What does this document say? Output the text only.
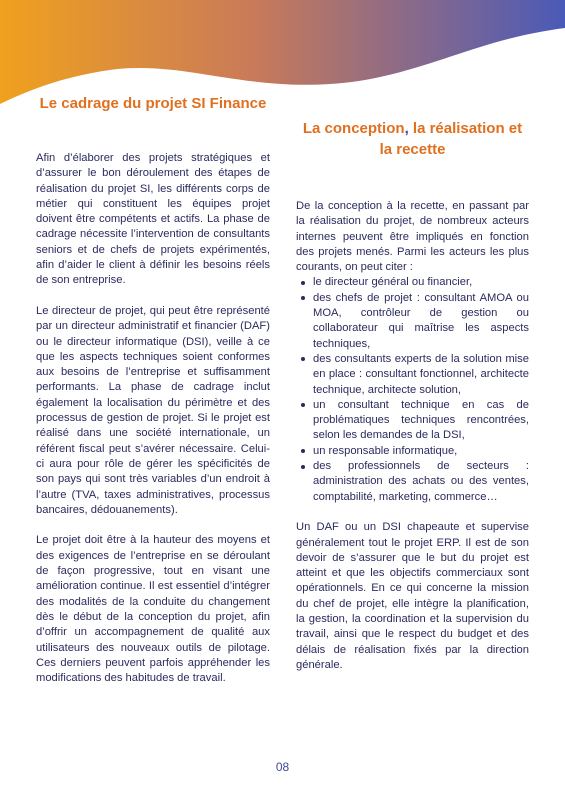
Le cadrage du projet SI Finance

Afin d’élaborer des projets stratégiques et d’assurer le bon déroulement des étapes de réalisation du projet SI, les différents corps de métier qui constituent les équipes projet doivent être compétents et actifs. La phase de cadrage nécessite l’intervention de consultants seniors et de chefs de projets expérimentés, afin d’aider le client à définir les besoins réels de son entreprise.

Le directeur de projet, qui peut être représenté par un directeur administratif et financier (DAF) ou le directeur informatique (DSI), veille à ce que les aspects techniques soient conformes aux besoins de l’entreprise et suffisamment performants. La phase de cadrage inclut également la localisation du périmètre et des processus de gestion de projet. Si le projet est réalisé dans une société internationale, un référent fiscal peut s’avérer nécessaire. Celui-ci aura pour rôle de gérer les spécificités de son pays qui sont très variables d’un endroit à l’autre (TVA, taxes administratives, processus bancaires, dédouanements).

Le projet doit être à la hauteur des moyens et des exigences de l’entreprise en se déroulant de façon progressive, tout en visant une amélioration continue. Il est essentiel d’intégrer des modalités de la conduite du changement dès le début de la conception du projet, afin d’offrir un accompagnement de qualité aux utilisateurs des nouveaux outils de pilotage. Ces derniers peuvent parfois appréhender les modifications des habitudes de travail.

La conception, la réalisation et la recette

De la conception à la recette, en passant par la réalisation du projet, de nombreux acteurs internes peuvent être impliqués en fonction des projets menés. Parmi les acteurs les plus courants, on peut citer :

le directeur général ou financier,
des chefs de projet : consultant AMOA ou MOA, contrôleur de gestion ou collaborateur qui maîtrise les aspects techniques,
des consultants experts de la solution mise en place : consultant fonctionnel, architecte technique, architecte solution,
un consultant technique en cas de problématiques techniques rencontrées, selon les demandes de la DSI,
un responsable informatique,
des professionnels de secteurs : administration des achats ou des ventes, comptabilité, marketing, commerce…

Un DAF ou un DSI chapeaute et supervise généralement tout le projet ERP. Il est de son devoir de s’assurer que le but du projet est atteint et que les objectifs commerciaux sont opérationnels. En ce qui concerne la mission du chef de projet, elle intègre la planification, la gestion, la coordination et la supervision du travail, ainsi que le respect du budget et des délais de réalisation fixés par la direction générale.

08
